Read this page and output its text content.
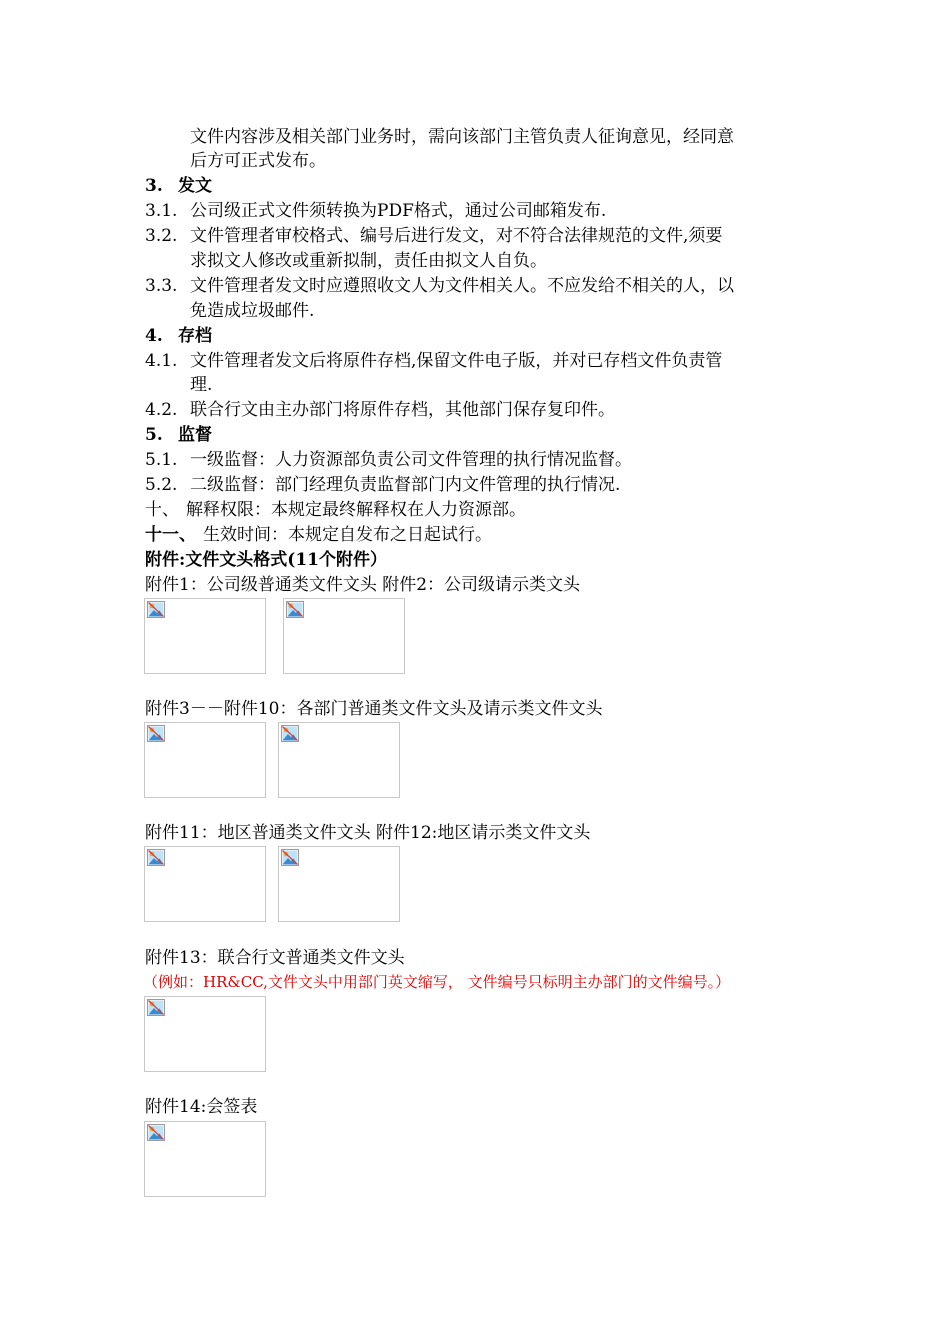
文件内容涉及相关部门业务时，需向该部门主管负责人征询意见，经同意
后方可正式发布。
3. 发文
3.1. 公司级正式文件须转换为PDF格式，通过公司邮箱发布.
3.2. 文件管理者审校格式、编号后进行发文，对不符合法律规范的文件,须要
求拟文人修改或重新拟制，责任由拟文人自负。
3.3. 文件管理者发文时应遵照收文人为文件相关人。不应发给不相关的人，以
免造成垃圾邮件.
4. 存档
4.1. 文件管理者发文后将原件存档,保留文件电子版，并对已存档文件负责管
理.
4.2. 联合行文由主办部门将原件存档，其他部门保存复印件。
5. 监督
5.1. 一级监督：人力资源部负责公司文件管理的执行情况监督。
5.2. 二级监督：部门经理负责监督部门内文件管理的执行情况.
十、 解释权限：本规定最终解释权在人力资源部。
十一、 生效时间：本规定自发布之日起试行。
附件:文件文头格式(11个附件）
附件1：公司级普通类文件文头 附件2：公司级请示类文头
附件3－－附件10：各部门普通类文件文头及请示类文件文头
附件11：地区普通类文件文头 附件12:地区请示类文件文头
附件13：联合行文普通类文件文头
（例如：HR&CC,文件文头中用部门英文缩写， 文件编号只标明主办部门的文件编号。）
附件14:会签表
